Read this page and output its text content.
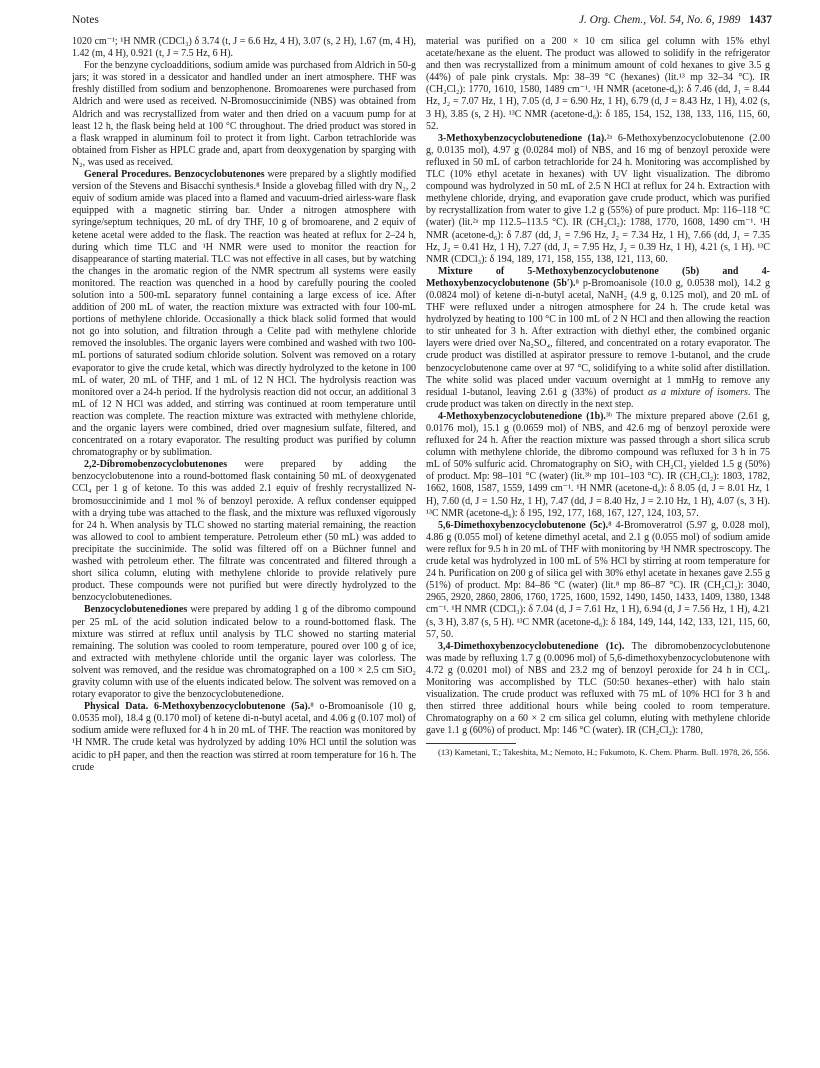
Notes	J. Org. Chem., Vol. 54, No. 6, 1989 1437

1020 cm⁻¹; ¹H NMR (CDCl₃) δ 3.74 (t, J = 6.6 Hz, 4 H), 3.07 (s, 2 H), 1.67 (m, 4 H), 1.42 (m, 4 H), 0.921 (t, J = 7.5 Hz, 6 H).

For the benzyne cycloadditions, sodium amide was purchased from Aldrich in 50-g jars; it was stored in a dessicator and handled under an inert atmosphere. THF was freshly distilled from sodium and benzophenone. Bromoarenes were purchased from Aldrich and were used as received. N-Bromosuccinimide (NBS) was obtained from Aldrich and was recrystallized from water and then dried on a vacuum pump for at least 12 h, the flask being held at 100 °C throughout. The dried product was stored in a flask wrapped in aluminum foil to protect it from light. Carbon tetrachloride was obtained from Fisher as HPLC grade and, apart from deoxygenation by sparging with N₂, was used as received.

General Procedures. Benzocyclobutenones were prepared by a slightly modified version of the Stevens and Bisacchi synthesis.⁸ Inside a glovebag filled with dry N₂, 2 equiv of sodium amide was placed into a flamed and vacuum-dried airless-ware flask equipped with a magnetic stirring bar. Under a nitrogen atmosphere with syringe/septum techniques, 20 mL of dry THF, 10 g of bromoarene, and 2 equiv of ketene acetal were added to the flask. The reaction was heated at reflux for 2–24 h, during which time TLC and ¹H NMR were used to monitor the reaction for disappearance of starting material. TLC was not effective in all cases, but by watching the changes in the aromatic region of the NMR spectrum all systems were easily monitored. The reaction was quenched in a hood by carefully pouring the cooled solution into a 500-mL separatory funnel containing a large excess of ice. After addition of 200 mL of water, the reaction mixture was extracted with four 100-mL portions of methylene chloride. Occasionally a thick black solid formed that would not go into solution, and filtration through a Celite pad with methylene chloride removed the insolubles. The organic layers were combined and washed with two 100-mL portions of saturated sodium chloride solution. Solvent was removed on a rotary evaporator to give the crude ketal, which was directly hydrolyzed to the ketone in 100 mL of water, 20 mL of THF, and 1 mL of 12 N HCl. The hydrolysis reaction was monitored over a 24-h period. If the hydrolysis reaction did not occur, an additional 3 mL of 12 N HCl was added, and stirring was continued at room temperature until reaction was complete. The reaction mixture was extracted with methylene chloride, and the organic layers were combined, dried over magnesium sulfate, filtered, and concentrated on a rotary evaporator. The resulting product was purified by column chromatography or by sublimation.

2,2-Dibromobenzocyclobutenones were prepared by adding the benzocyclobutenone into a round-bottomed flask containing 50 mL of deoxygenated CCl₄ per 1 g of ketone. To this was added 2.1 equiv of freshly recrystallized N-bromosuccinimide and 1 mol % of benzoyl peroxide. A reflux condenser equipped with a drying tube was attached to the flask, and the mixture was refluxed vigorously for 24 h. When analysis by TLC showed no starting material remaining, the reaction was allowed to cool to ambient temperature. Petroleum ether (50 mL) was added to precipitate the succinimide. The solid was filtered off on a Büchner funnel and washed with petroleum ether. The filtrate was concentrated and filtered through a short silica column, eluting with methylene chloride to provide relatively pure product. These compounds were not purified but were directly hydrolyzed to the benzocyclobutenediones.

Benzocyclobutenediones were prepared by adding 1 g of the dibromo compound per 25 mL of the acid solution indicated below to a round-bottomed flask. The mixture was stirred at reflux until analysis by TLC showed no starting material remaining. The solution was cooled to room temperature, poured over 100 g of ice, and extracted with methylene chloride until the organic layer was colorless. The solvent was removed, and the residue was chromatographed on a 100 × 2.5 cm SiO₂ gravity column with use of the eluents indicated below. The solvent was removed on a rotary evaporator to give the benzocyclobutenedione.

Physical Data. 6-Methoxybenzocyclobutenone (5a).⁸ o-Bromoanisole (10 g, 0.0535 mol), 18.4 g (0.170 mol) of ketene di-n-butyl acetal, and 4.06 g (0.107 mol) of sodium amide were refluxed for 4 h in 20 mL of THF. The reaction was monitored by ¹H NMR. The crude ketal was hydrolyzed by adding 10% HCl until the solution was acidic to pH paper, and then the reaction was stirred at room temperature for 16 h. The crude

material was purified on a 200 × 10 cm silica gel column with 15% ethyl acetate/hexane as the eluent. The product was allowed to solidify in the refrigerator and then was recrystallized from a minimum amount of cold hexanes to give 3.5 g (44%) of pale pink crystals. Mp: 38–39 °C (hexanes) (lit.¹³ mp 32–34 °C). IR (CH₂Cl₂): 1770, 1610, 1580, 1489 cm⁻¹. ¹H NMR (acetone-d₆): δ 7.46 (dd, J₁ = 8.44 Hz, J₂ = 7.07 Hz, 1 H), 7.05 (d, J = 6.90 Hz, 1 H), 6.79 (d, J = 8.43 Hz, 1 H), 4.02 (s, 3 H), 3.85 (s, 2 H). ¹³C NMR (acetone-d₆): δ 185, 154, 152, 138, 133, 116, 115, 60, 52.

3-Methoxybenzocyclobutenedione (1a).²ᵃ 6-Methoxybenzocyclobutenone (2.00 g, 0.0135 mol), 4.97 g (0.0284 mol) of NBS, and 16 mg of benzoyl peroxide were refluxed in 50 mL of carbon tetrachloride for 24 h. Monitoring was accomplished by TLC (10% ethyl acetate in hexanes) with UV light visualization. The dibromo compound was hydrolyzed in 50 mL of 2.5 N HCl at reflux for 24 h. Extraction with methylene chloride, drying, and evaporation gave crude product, which was purified by recrystallization from water to give 1.2 g (55%) of pure product. Mp: 116–118 °C (water) (lit.²ᵃ mp 112.5–113.5 °C). IR (CH₂Cl₂): 1788, 1770, 1608, 1490 cm⁻¹. ¹H NMR (acetone-d₆): δ 7.87 (dd, J₁ = 7.96 Hz, J₂ = 7.34 Hz, 1 H), 7.66 (dd, J₁ = 7.35 Hz, J₂ = 0.41 Hz, 1 H), 7.27 (dd, J₁ = 7.95 Hz, J₂ = 0.39 Hz, 1 H), 4.21 (s, 1 H). ¹³C NMR (CDCl₃): δ 194, 189, 171, 158, 155, 138, 121, 113, 60.

Mixture of 5-Methoxybenzocyclobutenone (5b) and 4-Methoxybenzocyclobutenone (5b′).⁸ p-Bromoanisole (10.0 g, 0.0538 mol), 14.2 g (0.0824 mol) of ketene di-n-butyl acetal, NaNH₂ (4.9 g, 0.125 mol), and 20 mL of THF were refluxed under a nitrogen atmosphere for 24 h. The crude ketal was hydrolyzed by heating to 100 °C in 100 mL of 2 N HCl and then allowing the reaction to stir unheated for 3 h. After extraction with diethyl ether, the combined organic layers were dried over Na₂SO₄, filtered, and concentrated on a rotary evaporator. The crude product was distilled at aspirator pressure to remove 1-butanol, and the crude benzocyclobutenone came over at 97 °C, solidifying to a white solid after distillation. The white solid was placed under vacuum overnight at 1 mmHg to remove any residual 1-butanol, leaving 2.61 g (33%) of product as a mixture of isomers. The crude product was taken on directly in the next step.

4-Methoxybenzocyclobutenedione (1b).³ᵇ The mixture prepared above (2.61 g, 0.0176 mol), 15.1 g (0.0659 mol) of NBS, and 42.6 mg of benzoyl peroxide were refluxed for 24 h. After the reaction mixture was passed through a short silica scrub column with methylene chloride, the dibromo compound was refluxed for 3 h in 75 mL of 50% sulfuric acid. Chromatography on SiO₂ with CH₂Cl₂ yielded 1.5 g (50%) of product. Mp: 98–101 °C (water) (lit.³ᵇ mp 101–103 °C). IR (CH₂Cl₂): 1803, 1782, 1662, 1608, 1587, 1559, 1499 cm⁻¹. ¹H NMR (acetone-d₆): δ 8.05 (d, J = 8.01 Hz, 1 H), 7.60 (d, J = 1.50 Hz, 1 H), 7.47 (dd, J = 8.40 Hz, J = 2.10 Hz, 1 H), 4.07 (s, 3 H). ¹³C NMR (acetone-d₆): δ 195, 192, 177, 168, 167, 127, 124, 103, 57.

5,6-Dimethoxybenzocyclobutenone (5c).⁸ 4-Bromoveratrol (5.97 g, 0.028 mol), 4.86 g (0.055 mol) of ketene dimethyl acetal, and 2.1 g (0.055 mol) of sodium amide were reflux for 9.5 h in 20 mL of THF with monitoring by ¹H NMR spectroscopy. The crude ketal was hydrolyzed in 100 mL of 5% HCl by stirring at room temperature for 24 h. Purification on 200 g of silica gel with 30% ethyl acetate in hexanes gave 2.55 g (51%) of product. Mp: 84–86 °C (water) (lit.⁸ mp 86–87 °C). IR (CH₂Cl₂): 3040, 2965, 2920, 2860, 2806, 1760, 1725, 1600, 1592, 1490, 1450, 1433, 1409, 1380, 1348 cm⁻¹. ¹H NMR (CDCl₃): δ 7.04 (d, J = 7.61 Hz, 1 H), 6.94 (d, J = 7.56 Hz, 1 H), 4.21 (s, 3 H), 3.87 (s, 5 H). ¹³C NMR (acetone-d₆): δ 184, 149, 144, 142, 133, 121, 115, 60, 57, 50.

3,4-Dimethoxybenzocyclobutenedione (1c). The dibromobenzocyclobutenone was made by refluxing 1.7 g (0.0096 mol) of 5,6-dimethoxybenzocyclobutenone with 4.72 g (0.0201 mol) of NBS and 23.2 mg of benzoyl peroxide for 24 h in CCl₄. Monitoring was accomplished by TLC (50:50 hexanes–ether) with halo stain visualization. The crude product was refluxed with 75 mL of 10% HCl for 3 h and then stirred three additional hours while being cooled to room temperature. Chromatography on a 60 × 2 cm silica gel column, eluting with methylene chloride gave 1.1 g (60%) of product. Mp: 146 °C (water). IR (CH₂Cl₂): 1780,

(13) Kametani, T.; Takeshita, M.; Nemoto, H.; Fukumoto, K. Chem. Pharm. Bull. 1978, 26, 556.
